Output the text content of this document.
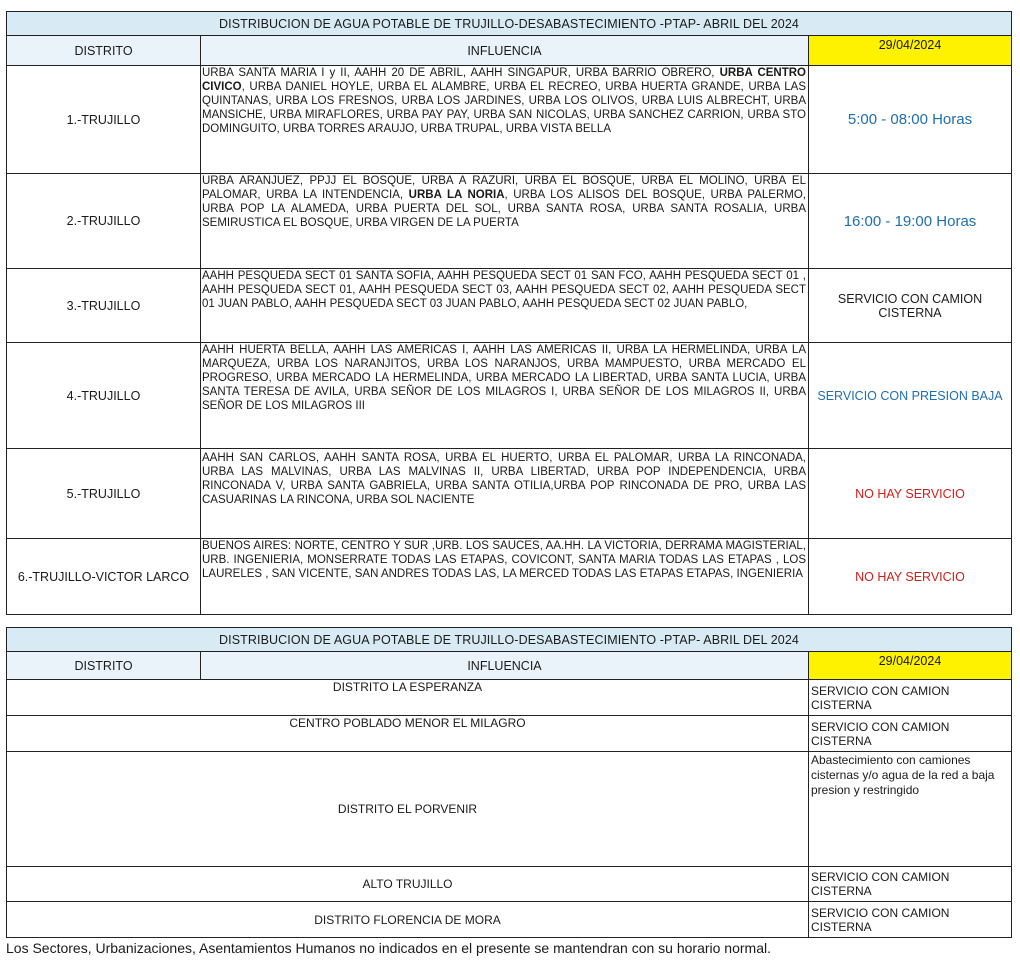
DISTRIBUCION DE AGUA POTABLE DE TRUJILLO-DESABASTECIMIENTO -PTAP- ABRIL DEL 2024		
DISTRITO	INFLUENCIA	29/04/2024
1.-TRUJILLO	URBA SANTA MARIA I y II, AAHH 20 DE ABRIL, AAHH SINGAPUR, URBA BARRIO OBRERO, URBA CENTRO CIVICO, URBA DANIEL HOYLE, URBA EL ALAMBRE, URBA EL RECREO, URBA HUERTA GRANDE, URBA LAS QUINTANAS, URBA LOS FRESNOS, URBA LOS JARDINES, URBA LOS OLIVOS, URBA LUIS ALBRECHT, URBA MANSICHE, URBA MIRAFLORES, URBA PAY PAY, URBA SAN NICOLAS, URBA SANCHEZ CARRION, URBA STO DOMINGUITO, URBA TORRES ARAUJO, URBA TRUPAL, URBA VISTA BELLA	5:00 - 08:00 Horas
2.-TRUJILLO	URBA ARANJUEZ, PPJJ EL BOSQUE, URBA A RAZURI, URBA EL BOSQUE, URBA EL MOLINO, URBA EL PALOMAR, URBA LA INTENDENCIA, URBA LA NORIA, URBA LOS ALISOS DEL BOSQUE, URBA PALERMO, URBA POP LA ALAMEDA, URBA PUERTA DEL SOL, URBA SANTA ROSA, URBA SANTA ROSALIA, URBA SEMIRUSTICA EL BOSQUE, URBA VIRGEN DE LA PUERTA	16:00 - 19:00 Horas
3.-TRUJILLO	AAHH PESQUEDA SECT 01 SANTA SOFIA, AAHH PESQUEDA SECT 01 SAN FCO, AAHH PESQUEDA SECT 01 , AAHH PESQUEDA SECT 01, AAHH PESQUEDA SECT 03, AAHH PESQUEDA SECT 02, AAHH PESQUEDA SECT 01 JUAN PABLO, AAHH PESQUEDA SECT 03 JUAN PABLO, AAHH PESQUEDA SECT 02 JUAN PABLO,	SERVICIO CON CAMION CISTERNA
4.-TRUJILLO	AAHH HUERTA BELLA, AAHH LAS AMERICAS I, AAHH LAS AMERICAS II, URBA LA HERMELINDA, URBA LA MARQUEZA, URBA LOS NARANJITOS, URBA LOS NARANJOS, URBA MAMPUESTO, URBA MERCADO EL PROGRESO, URBA MERCADO LA HERMELINDA, URBA MERCADO LA LIBERTAD, URBA SANTA LUCIA, URBA SANTA TERESA DE AVILA, URBA SEÑOR DE LOS MILAGROS I, URBA SEÑOR DE LOS MILAGROS II, URBA SEÑOR DE LOS MILAGROS III	SERVICIO CON PRESION BAJA
5.-TRUJILLO	AAHH SAN CARLOS, AAHH SANTA ROSA, URBA EL HUERTO, URBA EL PALOMAR, URBA LA RINCONADA, URBA LAS MALVINAS, URBA LAS MALVINAS II, URBA LIBERTAD, URBA POP INDEPENDENCIA, URBA RINCONADA V, URBA SANTA GABRIELA, URBA SANTA OTILIA,URBA POP RINCONADA DE PRO, URBA LAS CASUARINAS LA RINCONA, URBA SOL NACIENTE	NO HAY SERVICIO
6.-TRUJILLO-VICTOR LARCO	BUENOS AIRES: NORTE, CENTRO Y SUR ,URB. LOS SAUCES, AA.HH. LA VICTORIA, DERRAMA MAGISTERIAL, URB. INGENIERIA, MONSERRATE TODAS LAS ETAPAS, COVICONT, SANTA MARIA TODAS LAS ETAPAS , LOS LAURELES , SAN VICENTE, SAN ANDRES TODAS LAS, LA MERCED TODAS LAS ETAPAS ETAPAS, INGENIERIA	NO HAY SERVICIO
DISTRIBUCION DE AGUA POTABLE DE TRUJILLO-DESABASTECIMIENTO -PTAP- ABRIL DEL 2024		
DISTRITO	INFLUENCIA	29/04/2024
DISTRITO LA ESPERANZA		SERVICIO CON CAMION CISTERNA
CENTRO POBLADO MENOR EL MILAGRO		SERVICIO CON CAMION CISTERNA
DISTRITO EL PORVENIR		Abastecimiento con camiones cisternas y/o agua de la red a baja presion y restringido
ALTO TRUJILLO		SERVICIO CON CAMION CISTERNA
DISTRITO FLORENCIA DE MORA		SERVICIO CON CAMION CISTERNA
Los Sectores, Urbanizaciones, Asentamientos Humanos no indicados en el presente se mantendran con su horario normal.
